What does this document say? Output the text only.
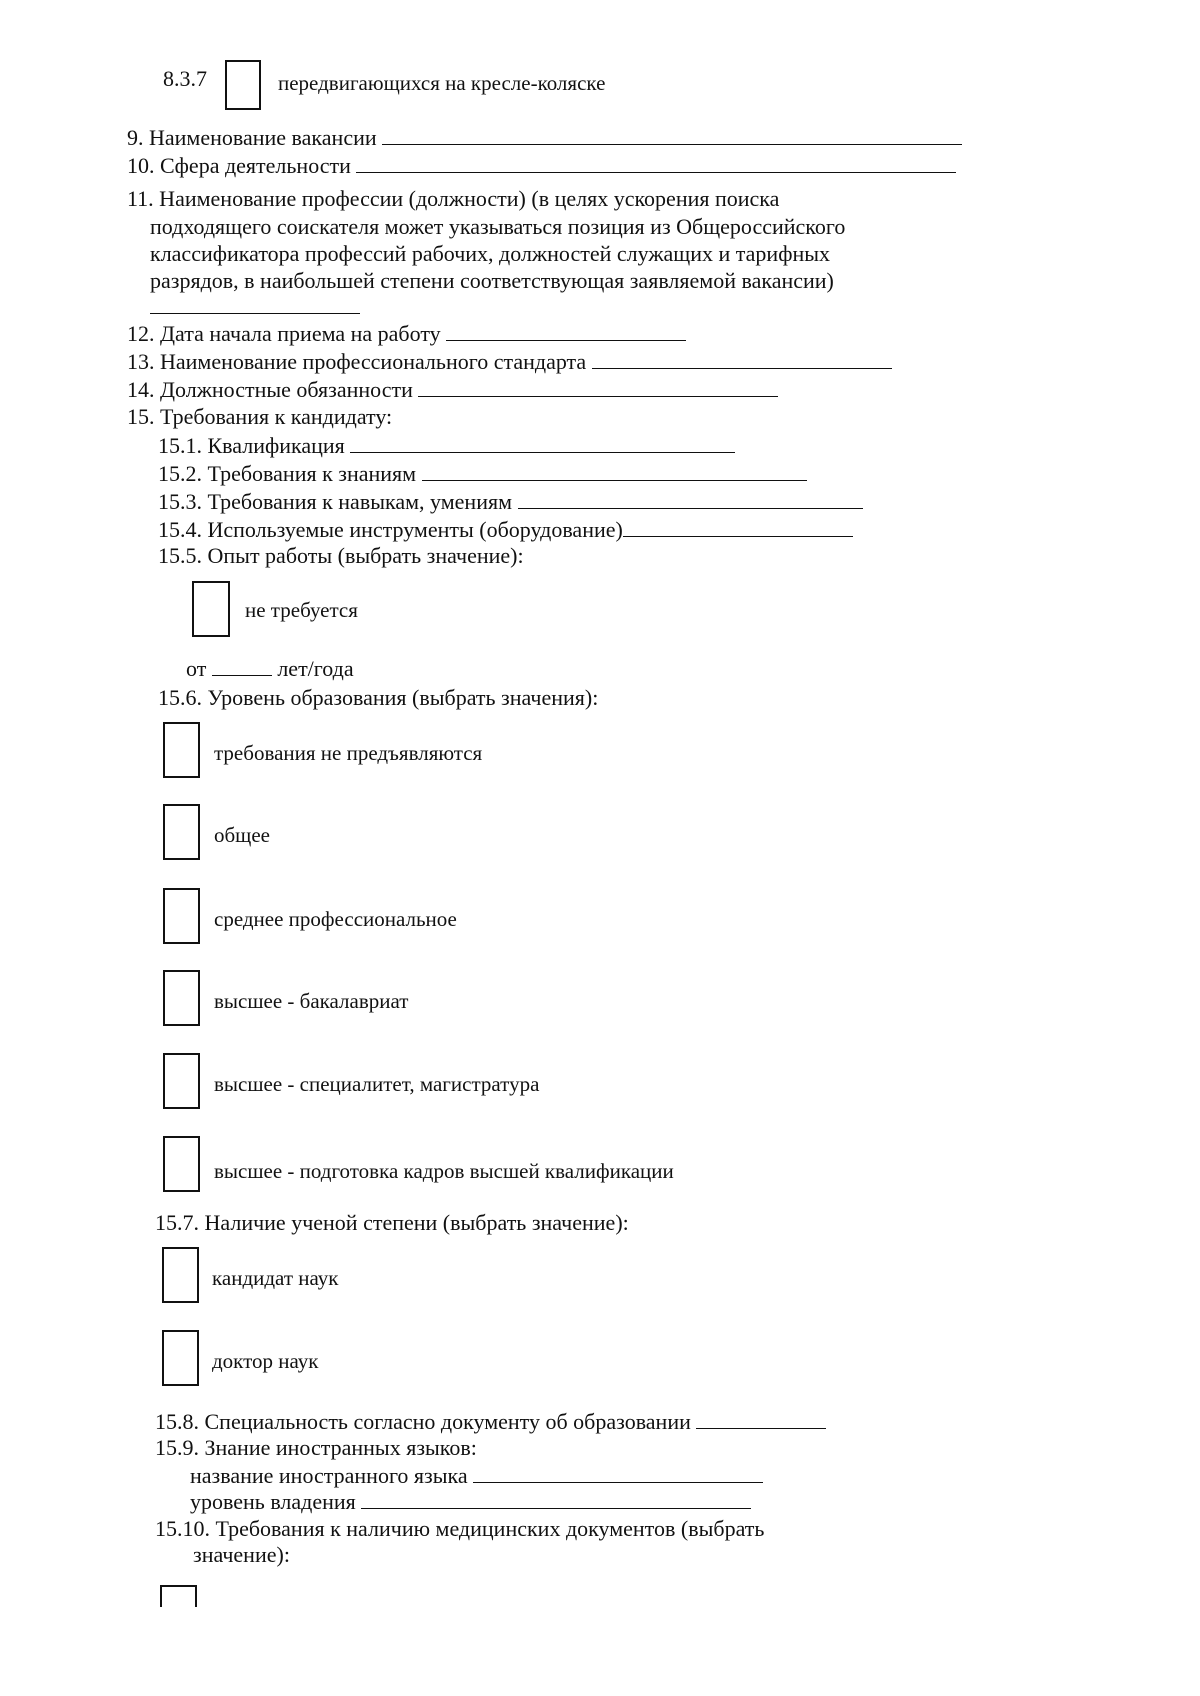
8.3.7	передвигающихся на кресле-коляске
9. Наименование вакансии
10. Сфера деятельности
11. Наименование профессии (должности) (в целях ускорения поиска
подходящего соискателя может указываться позиция из Общероссийского
классификатора профессий рабочих, должностей служащих и тарифных
разрядов, в наибольшей степени соответствующая заявляемой вакансии)
12. Дата начала приема на работу
13. Наименование профессионального стандарта
14. Должностные обязанности
15. Требования к кандидату:
15.1. Квалификация
15.2. Требования к знаниям
15.3. Требования к навыкам, умениям
15.4. Используемые инструменты (оборудование)
15.5. Опыт работы (выбрать значение):
не требуется
от	лет/года
15.6. Уровень образования (выбрать значения):
требования не предъявляются
общее
среднее профессиональное
высшее - бакалавриат
высшее - специалитет, магистратура
высшее - подготовка кадров высшей квалификации
15.7. Наличие ученой степени (выбрать значение):
кандидат наук
доктор наук
15.8. Специальность согласно документу об образовании
15.9. Знание иностранных языков:
название иностранного языка
уровень владения
15.10. Требования к наличию медицинских документов (выбрать
значение):
